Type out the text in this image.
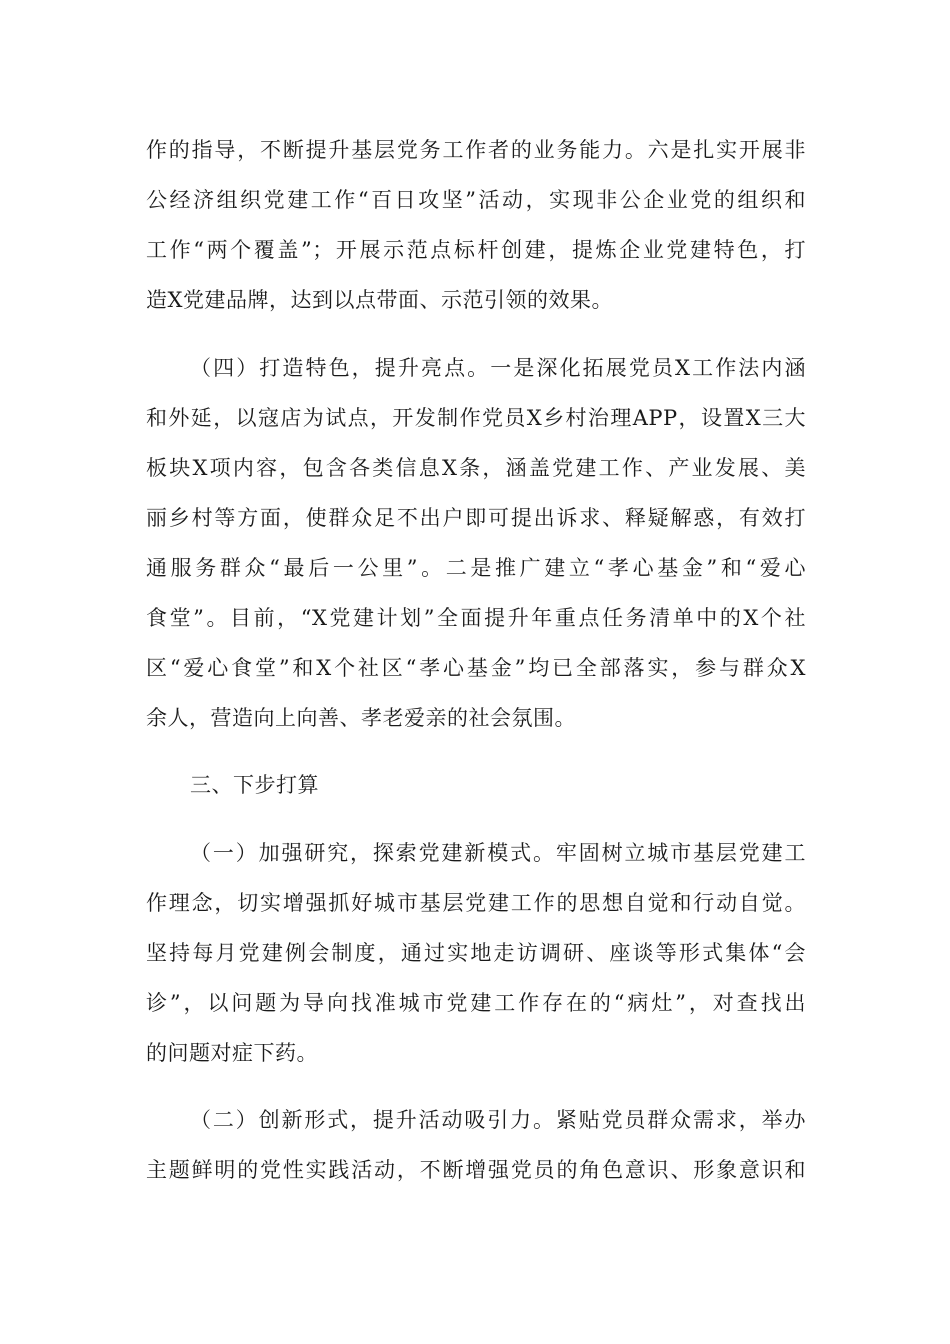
作的指导，不断提升基层党务工作者的业务能力。六是扎实开展非
公经济组织党建工作“百日攻坚”活动，实现非公企业党的组织和
工作“两个覆盖”；开展示范点标杆创建，提炼企业党建特色，打
造X党建品牌，达到以点带面、示范引领的效果。
（四）打造特色，提升亮点。一是深化拓展党员X工作法内涵
和外延，以寇店为试点，开发制作党员X乡村治理APP，设置X三大
板块X项内容，包含各类信息X条，涵盖党建工作、产业发展、美
丽乡村等方面，使群众足不出户即可提出诉求、释疑解惑，有效打
通服务群众“最后一公里”。二是推广建立“孝心基金”和“爱心
食堂”。目前，“X党建计划”全面提升年重点任务清单中的X个社
区“爱心食堂”和X个社区“孝心基金”均已全部落实，参与群众X
余人，营造向上向善、孝老爱亲的社会氛围。
三、下步打算
（一）加强研究，探索党建新模式。牢固树立城市基层党建工
作理念，切实增强抓好城市基层党建工作的思想自觉和行动自觉。
坚持每月党建例会制度，通过实地走访调研、座谈等形式集体“会
诊”，以问题为导向找准城市党建工作存在的“病灶”，对查找出
的问题对症下药。
（二）创新形式，提升活动吸引力。紧贴党员群众需求，举办
主题鲜明的党性实践活动，不断增强党员的角色意识、形象意识和
